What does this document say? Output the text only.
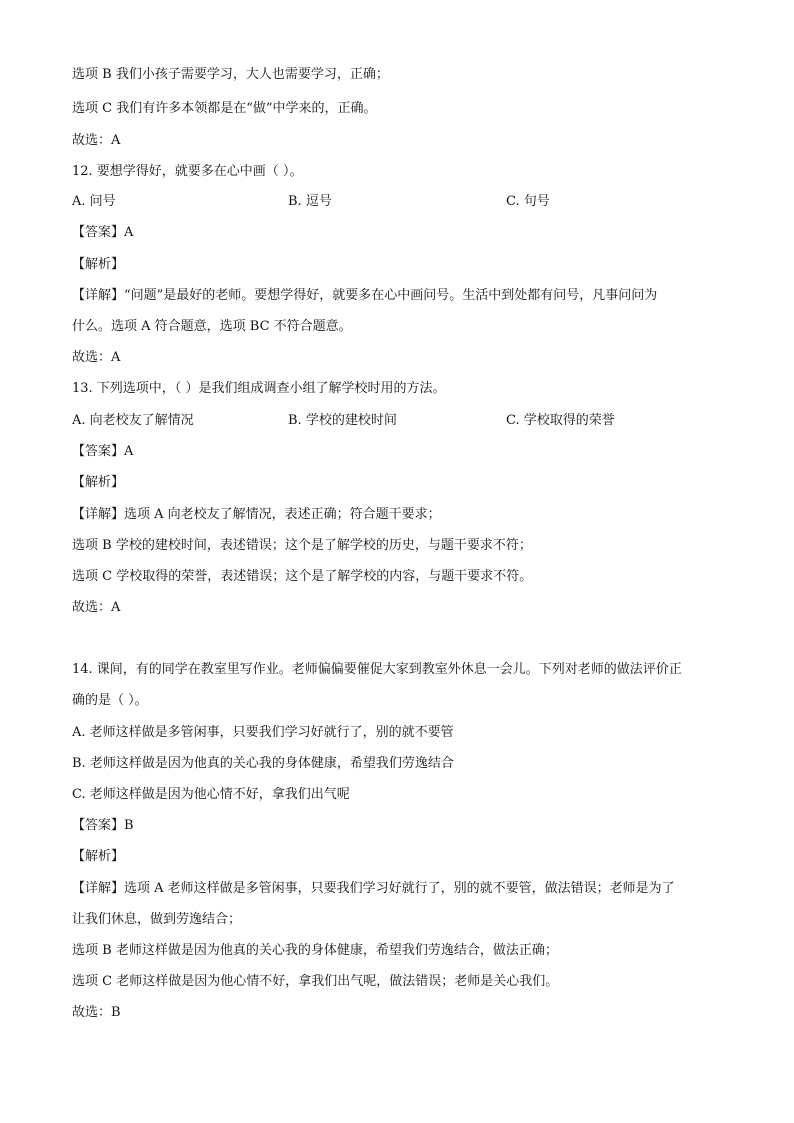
选项 B 我们小孩子需要学习，大人也需要学习，正确；
选项 C 我们有许多本领都是在“做”中学来的，正确。
故选：A
12. 要想学得好，就要多在心中画（ ）。
A. 问号	B. 逗号	C. 句号
【答案】A
【解析】
【详解】“问题”是最好的老师。要想学得好，就要多在心中画问号。生活中到处都有问号，凡事问问为
什么。选项 A 符合题意，选项 BC 不符合题意。
故选：A
13. 下列选项中，（ ）是我们组成调查小组了解学校时用的方法。
A. 向老校友了解情况	B. 学校的建校时间	C. 学校取得的荣誉
【答案】A
【解析】
【详解】选项 A 向老校友了解情况，表述正确；符合题干要求；
选项 B 学校的建校时间，表述错误；这个是了解学校的历史，与题干要求不符；
选项 C 学校取得的荣誉，表述错误；这个是了解学校的内容，与题干要求不符。
故选：A
14. 课间，有的同学在教室里写作业。老师偏偏要催促大家到教室外休息一会儿。下列对老师的做法评价正
确的是（ ）。
A. 老师这样做是多管闲事，只要我们学习好就行了，别的就不要管
B. 老师这样做是因为他真的关心我的身体健康，希望我们劳逸结合
C. 老师这样做是因为他心情不好，拿我们出气呢
【答案】B
【解析】
【详解】选项 A 老师这样做是多管闲事，只要我们学习好就行了，别的就不要管，做法错误；老师是为了
让我们休息，做到劳逸结合；
选项 B 老师这样做是因为他真的关心我的身体健康，希望我们劳逸结合，做法正确；
选项 C 老师这样做是因为他心情不好，拿我们出气呢，做法错误；老师是关心我们。
故选：B
